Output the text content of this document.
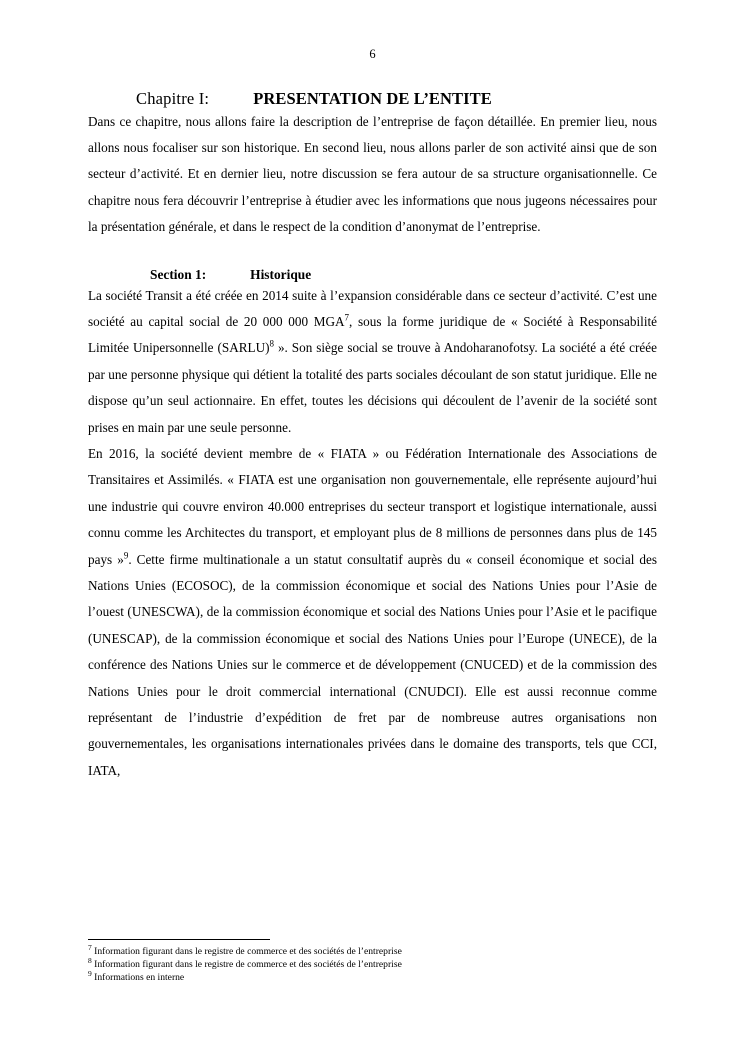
6
Chapitre I:	PRESENTATION DE L’ENTITE

Dans ce chapitre, nous allons faire la description de l’entreprise de façon détaillée. En premier lieu, nous allons nous focaliser sur son historique. En second lieu, nous allons parler de son activité ainsi que de son secteur d’activité. Et en dernier lieu, notre discussion se fera autour de sa structure organisationnelle. Ce chapitre nous fera découvrir l’entreprise à étudier avec les informations que nous jugeons nécessaires pour la présentation générale, et dans le respect de la condition d’anonymat de l’entreprise.

Section 1:	Historique

La société Transit a été créée en 2014 suite à l’expansion considérable dans ce secteur d’activité. C’est une société au capital social de 20 000 000 MGA$^7$, sous la forme juridique de « Société à Responsabilité Limitée Unipersonnelle (SARLU)$^8$ ». Son siège social se trouve à Andoharanofotsy. La société a été créée par une personne physique qui détient la totalité des parts sociales découlant de son statut juridique. Elle ne dispose qu’un seul actionnaire. En effet, toutes les décisions qui découlent de l’avenir de la société sont prises en main par une seule personne.

En 2016, la société devient membre de « FIATA » ou Fédération Internationale des Associations de Transitaires et Assimilés. « FIATA est une organisation non gouvernementale, elle représente aujourd’hui une industrie qui couvre environ 40.000 entreprises du secteur transport et logistique internationale, aussi connu comme les Architectes du transport, et employant plus de 8 millions de personnes dans plus de 145 pays »$^9$. Cette firme multinationale a un statut consultatif auprès du « conseil économique et social des Nations Unies (ECOSOC), de la commission économique et social des Nations Unies pour l’Asie de l’ouest (UNESCWA), de la commission économique et social des Nations Unies pour l’Asie et le pacifique (UNESCAP), de la commission économique et social des Nations Unies pour l’Europe (UNECE), de la conférence des Nations Unies sur le commerce et de développement (CNUCED) et de la commission des Nations Unies pour le droit commercial international (CNUDCI). Elle est aussi reconnue comme représentant de l’industrie d’expédition de fret par de nombreuse autres organisations non gouvernementales, les organisations internationales privées dans le domaine des transports, tels que CCI, IATA,

$^7$ Information figurant dans le registre de commerce et des sociétés de l’entreprise

$^8$ Information figurant dans le registre de commerce et des sociétés de l’entreprise

$^9$ Informations en interne
